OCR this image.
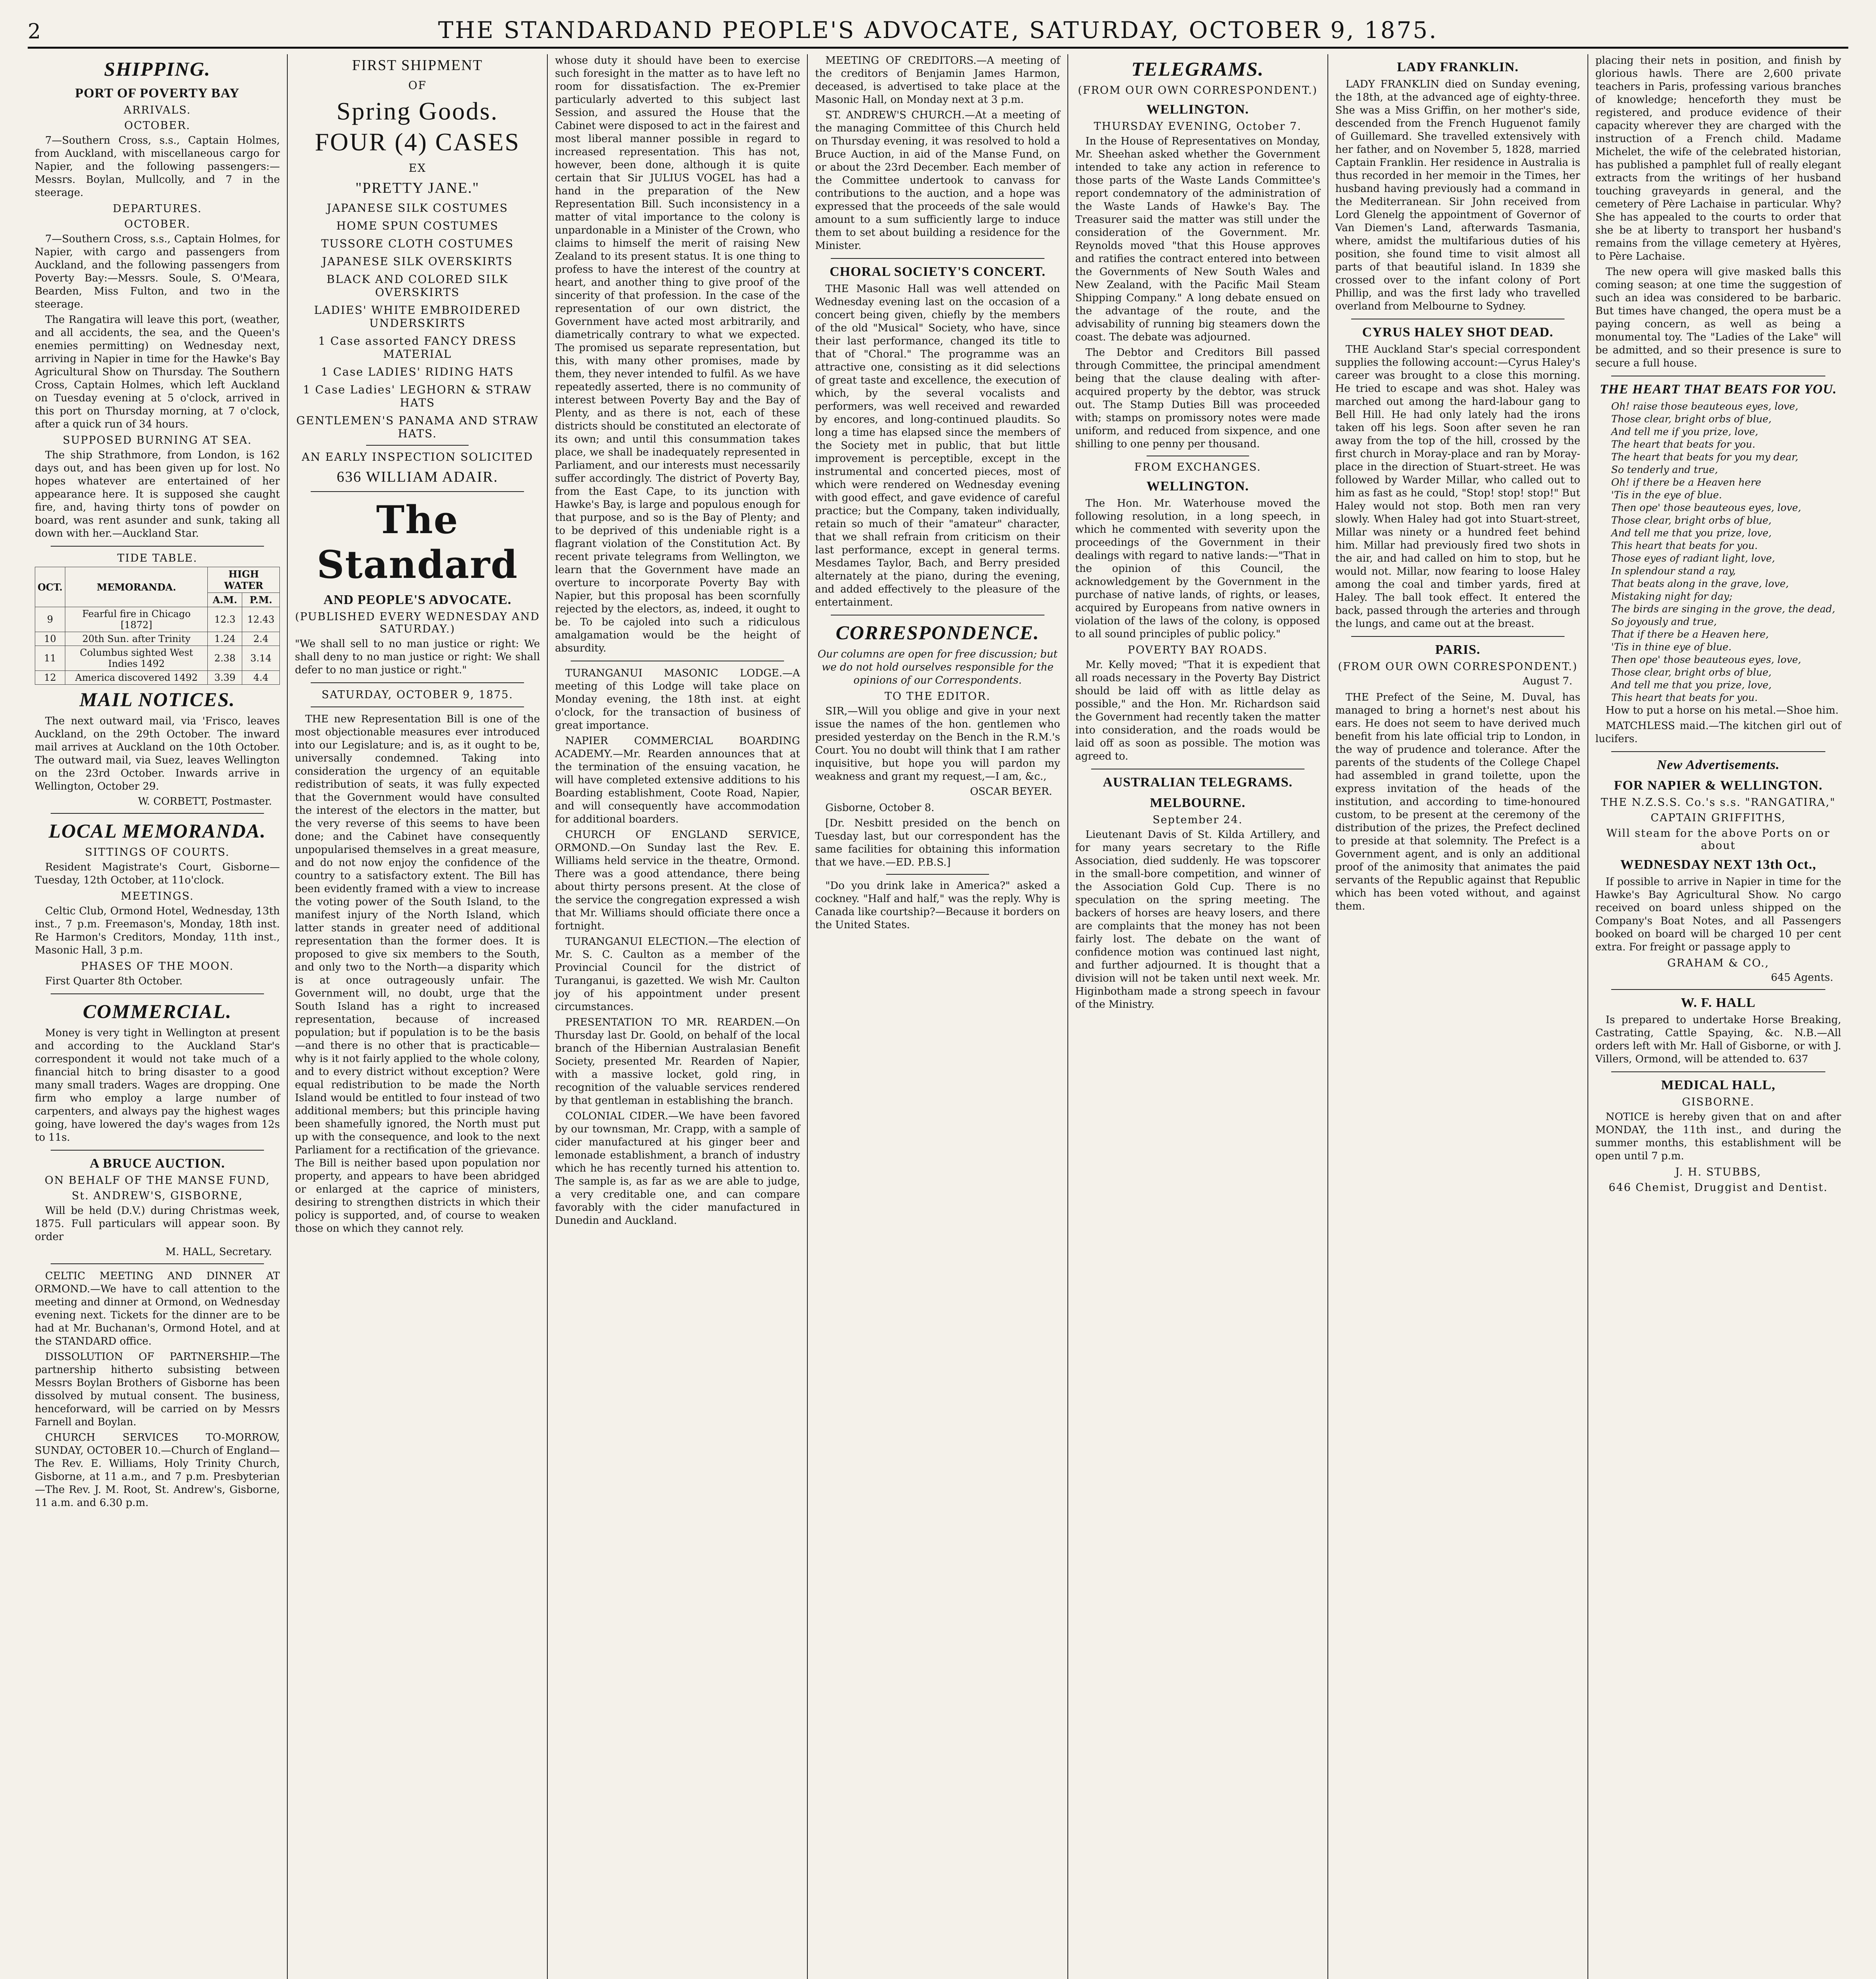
2	THE STANDARDAND PEOPLE'S ADVOCATE, SATURDAY, OCTOBER 9, 1875.
SHIPPING.
PORT OF POVERTY BAY
ARRIVALS.
OCTOBER.

7—Southern Cross, s.s., Captain Holmes, from Auckland, with miscellaneous cargo for Napier, and the following passengers:—Messrs. Boylan, Mullcolly, and 7 in the steerage.

DEPARTURES.
OCTOBER.

7—Southern Cross, s.s., Captain Holmes, for Napier, with cargo and passengers from Auckland, and the following passengers from Poverty Bay:—Messrs. Soule, S. O'Meara, Bearden, Miss Fulton, and two in the steerage.

The Rangatira will leave this port, (weather, and all accidents, the sea, and the Queen's enemies permitting) on Wednesday next, arriving in Napier in time for the Hawke's Bay Agricultural Show on Thursday. The Southern Cross, Captain Holmes, which left Auckland on Tuesday evening at 5 o'clock, arrived in this port on Thursday morning, at 7 o'clock, after a quick run of 34 hours.

SUPPOSED BURNING AT SEA.

The ship Strathmore, from London, is 162 days out, and has been given up for lost. No hopes whatever are entertained of her appearance here. It is supposed she caught fire, and, having thirty tons of powder on board, was rent asunder and sunk, taking all down with her.—Auckland Star.

TIDE TABLE.
OCT.	MEMORANDA.	HIGH WATER	
		A.M.	P.M.
9	Fearful fire in Chicago [1872]	12.3	12.43
10	20th Sun. after Trinity	1.24	2.4
11	Columbus sighted West Indies 1492	2.38	3.14
12	America discovered 1492	3.39	4.4
MAIL NOTICES.

The next outward mail, via 'Frisco, leaves Auckland, on the 29th October. The inward mail arrives at Auckland on the 10th October. The outward mail, via Suez, leaves Wellington on the 23rd October. Inwards arrive in Wellington, October 29.

W. CORBETT, Postmaster.
LOCAL MEMORANDA.
SITTINGS OF COURTS.

Resident Magistrate's Court, Gisborne—Tuesday, 12th October, at 11o'clock.

MEETINGS.

Celtic Club, Ormond Hotel, Wednesday, 13th inst., 7 p.m. Freemason's, Monday, 18th inst. Re Harmon's Creditors, Monday, 11th inst., Masonic Hall, 3 p.m.

PHASES OF THE MOON.

First Quarter 8th October.

COMMERCIAL.

Money is very tight in Wellington at present and according to the Auckland Star's correspondent it would not take much of a financial hitch to bring disaster to a good many small traders. Wages are dropping. One firm who employ a large number of carpenters, and always pay the highest wages going, have lowered the day's wages from 12s to 11s.

A BRUCE AUCTION.
ON BEHALF OF THE MANSE FUND,
St. ANDREW'S, GISBORNE,

Will be held (D.V.) during Christmas week, 1875. Full particulars will appear soon. By order

M. HALL, Secretary.

CELTIC MEETING AND DINNER AT ORMOND.—We have to call attention to the meeting and dinner at Ormond, on Wednesday evening next. Tickets for the dinner are to be had at Mr. Buchanan's, Ormond Hotel, and at the STANDARD office.

DISSOLUTION OF PARTNERSHIP.—The partnership hitherto subsisting between Messrs Boylan Brothers of Gisborne has been dissolved by mutual consent. The business, henceforward, will be carried on by Messrs Farnell and Boylan.

CHURCH SERVICES TO-MORROW, SUNDAY, OCTOBER 10.—Church of England—The Rev. E. Williams, Holy Trinity Church, Gisborne, at 11 a.m., and 7 p.m. Presbyterian—The Rev. J. M. Root, St. Andrew's, Gisborne, 11 a.m. and 6.30 p.m.

FIRST SHIPMENT
OF
Spring Goods.
FOUR (4) CASES
EX
"PRETTY JANE."
JAPANESE SILK COSTUMES
HOME SPUN COSTUMES
TUSSORE CLOTH COSTUMES
JAPANESE SILK OVERSKIRTS
BLACK AND COLORED SILK OVERSKIRTS
LADIES' WHITE EMBROIDERED UNDERSKIRTS
1 Case assorted FANCY DRESS MATERIAL
1 Case LADIES' RIDING HATS
1 Case Ladies' LEGHORN & STRAW HATS
GENTLEMEN'S PANAMA AND STRAW HATS.
AN EARLY INSPECTION SOLICITED
636 WILLIAM ADAIR.
The Standard
AND PEOPLE'S ADVOCATE.
(PUBLISHED EVERY WEDNESDAY AND SATURDAY.)

"We shall sell to no man justice or right: We shall deny to no man justice or right: We shall defer to no man justice or right."

SATURDAY, OCTOBER 9, 1875.

THE new Representation Bill is one of the most objectionable measures ever introduced into our Legislature; and is, as it ought to be, universally condemned. Taking into consideration the urgency of an equitable redistribution of seats, it was fully expected that the Government would have consulted the interest of the electors in the matter, but the very reverse of this seems to have been done; and the Cabinet have consequently unpopularised themselves in a great measure, and do not now enjoy the confidence of the country to a satisfactory extent. The Bill has been evidently framed with a view to increase the voting power of the South Island, to the manifest injury of the North Island, which latter stands in greater need of additional representation than the former does. It is proposed to give six members to the South, and only two to the North—a disparity which is at once outrageously unfair. The Government will, no doubt, urge that the South Island has a right to increased representation, because of increased population; but if population is to be the basis—and there is no other that is practicable—why is it not fairly applied to the whole colony, and to every district without exception? Were equal redistribution to be made the North Island would be entitled to four instead of two additional members; but this principle having been shamefully ignored, the North must put up with the consequence, and look to the next Parliament for a rectification of the grievance. The Bill is neither based upon population nor property, and appears to have been abridged or enlarged at the caprice of ministers, desiring to strengthen districts in which their policy is supported, and, of course to weaken those on which they cannot rely.

whose duty it should have been to exercise such foresight in the matter as to have left no room for dissatisfaction. The ex-Premier particularly adverted to this subject last Session, and assured the House that the Cabinet were disposed to act in the fairest and most liberal manner possible in regard to increased representation. This has not, however, been done, although it is quite certain that Sir JULIUS VOGEL has had a hand in the preparation of the New Representation Bill. Such inconsistency in a matter of vital importance to the colony is unpardonable in a Minister of the Crown, who claims to himself the merit of raising New Zealand to its present status. It is one thing to profess to have the interest of the country at heart, and another thing to give proof of the sincerity of that profession. In the case of the representation of our own district, the Government have acted most arbitrarily, and diametrically contrary to what we expected. The promised us separate representation, but this, with many other promises, made by them, they never intended to fulfil. As we have repeatedly asserted, there is no community of interest between Poverty Bay and the Bay of Plenty, and as there is not, each of these districts should be constituted an electorate of its own; and until this consummation takes place, we shall be inadequately represented in Parliament, and our interests must necessarily suffer accordingly. The district of Poverty Bay, from the East Cape, to its junction with Hawke's Bay, is large and populous enough for that purpose, and so is the Bay of Plenty; and to be deprived of this undeniable right is a flagrant violation of the Constitution Act. By recent private telegrams from Wellington, we learn that the Government have made an overture to incorporate Poverty Bay with Napier, but this proposal has been scornfully rejected by the electors, as, indeed, it ought to be. To be cajoled into such a ridiculous amalgamation would be the height of absurdity.

TURANGANUI MASONIC LODGE.—A meeting of this Lodge will take place on Monday evening, the 18th inst. at eight o'clock, for the transaction of business of great importance.

NAPIER COMMERCIAL BOARDING ACADEMY.—Mr. Rearden announces that at the termination of the ensuing vacation, he will have completed extensive additions to his Boarding establishment, Coote Road, Napier, and will consequently have accommodation for additional boarders.

CHURCH OF ENGLAND SERVICE, ORMOND.—On Sunday last the Rev. E. Williams held service in the theatre, Ormond. There was a good attendance, there being about thirty persons present. At the close of the service the congregation expressed a wish that Mr. Williams should officiate there once a fortnight.

TURANGANUI ELECTION.—The election of Mr. S. C. Caulton as a member of the Provincial Council for the district of Turanganui, is gazetted. We wish Mr. Caulton joy of his appointment under present circumstances.

PRESENTATION TO MR. REARDEN.—On Thursday last Dr. Goold, on behalf of the local branch of the Hibernian Australasian Benefit Society, presented Mr. Rearden of Napier, with a massive locket, gold ring, in recognition of the valuable services rendered by that gentleman in establishing the branch.

COLONIAL CIDER.—We have been favored by our townsman, Mr. Crapp, with a sample of cider manufactured at his ginger beer and lemonade establishment, a branch of industry which he has recently turned his attention to. The sample is, as far as we are able to judge, a very creditable one, and can compare favorably with the cider manufactured in Dunedin and Auckland.

MEETING OF CREDITORS.—A meeting of the creditors of Benjamin James Harmon, deceased, is advertised to take place at the Masonic Hall, on Monday next at 3 p.m.

ST. ANDREW'S CHURCH.—At a meeting of the managing Committee of this Church held on Thursday evening, it was resolved to hold a Bruce Auction, in aid of the Manse Fund, on or about the 23rd December. Each member of the Committee undertook to canvass for contributions to the auction, and a hope was expressed that the proceeds of the sale would amount to a sum sufficiently large to induce them to set about building a residence for the Minister.

CHORAL SOCIETY'S CONCERT.

THE Masonic Hall was well attended on Wednesday evening last on the occasion of a concert being given, chiefly by the members of the old "Musical" Society, who have, since their last performance, changed its title to that of "Choral." The programme was an attractive one, consisting as it did selections of great taste and excellence, the execution of which, by the several vocalists and performers, was well received and rewarded by encores, and long-continued plaudits. So long a time has elapsed since the members of the Society met in public, that but little improvement is perceptible, except in the instrumental and concerted pieces, most of which were rendered on Wednesday evening with good effect, and gave evidence of careful practice; but the Company, taken individually, retain so much of their "amateur" character, that we shall refrain from criticism on their last performance, except in general terms. Mesdames Taylor, Bach, and Berry presided alternately at the piano, during the evening, and added effectively to the pleasure of the entertainment.

CORRESPONDENCE.

Our columns are open for free discussion; but we do not hold ourselves responsible for the opinions of our Correspondents.

TO THE EDITOR.

SIR,—Will you oblige and give in your next issue the names of the hon. gentlemen who presided yesterday on the Bench in the R.M.'s Court. You no doubt will think that I am rather inquisitive, but hope you will pardon my weakness and grant my request,—I am, &c.,

OSCAR BEYER.

Gisborne, October 8.

[Dr. Nesbitt presided on the bench on Tuesday last, but our correspondent has the same facilities for obtaining this information that we have.—ED. P.B.S.]

"Do you drink lake in America?" asked a cockney. "Half and half," was the reply. Why is Canada like courtship?—Because it borders on the United States.

TELEGRAMS.
(FROM OUR OWN CORRESPONDENT.)
WELLINGTON.
THURSDAY EVENING, October 7.

In the House of Representatives on Monday, Mr. Sheehan asked whether the Government intended to take any action in reference to those parts of the Waste Lands Committee's report condemnatory of the administration of the Waste Lands of Hawke's Bay. The Treasurer said the matter was still under the consideration of the Government. Mr. Reynolds moved "that this House approves and ratifies the contract entered into between the Governments of New South Wales and New Zealand, with the Pacific Mail Steam Shipping Company." A long debate ensued on the advantage of the route, and the advisability of running big steamers down the coast. The debate was adjourned.

The Debtor and Creditors Bill passed through Committee, the principal amendment being that the clause dealing with after-acquired property by the debtor, was struck out. The Stamp Duties Bill was proceeded with; stamps on promissory notes were made uniform, and reduced from sixpence, and one shilling to one penny per thousand.

FROM EXCHANGES.
WELLINGTON.

The Hon. Mr. Waterhouse moved the following resolution, in a long speech, in which he commented with severity upon the proceedings of the Government in their dealings with regard to native lands:—"That in the opinion of this Council, the acknowledgement by the Government in the purchase of native lands, of rights, or leases, acquired by Europeans from native owners in violation of the laws of the colony, is opposed to all sound principles of public policy."

POVERTY BAY ROADS.

Mr. Kelly moved; "That it is expedient that all roads necessary in the Poverty Bay District should be laid off with as little delay as possible," and the Hon. Mr. Richardson said the Government had recently taken the matter into consideration, and the roads would be laid off as soon as possible. The motion was agreed to.

AUSTRALIAN TELEGRAMS.
MELBOURNE.
September 24.

Lieutenant Davis of St. Kilda Artillery, and for many years secretary to the Rifle Association, died suddenly. He was topscorer in the small-bore competition, and winner of the Association Gold Cup. There is no speculation on the spring meeting. The backers of horses are heavy losers, and there are complaints that the money has not been fairly lost. The debate on the want of confidence motion was continued last night, and further adjourned. It is thought that a division will not be taken until next week. Mr. Higinbotham made a strong speech in favour of the Ministry.

LADY FRANKLIN.

LADY FRANKLIN died on Sunday evening, the 18th, at the advanced age of eighty-three. She was a Miss Griffin, on her mother's side, descended from the French Huguenot family of Guillemard. She travelled extensively with her father, and on November 5, 1828, married Captain Franklin. Her residence in Australia is thus recorded in her memoir in the Times, her husband having previously had a command in the Mediterranean. Sir John received from Lord Glenelg the appointment of Governor of Van Diemen's Land, afterwards Tasmania, where, amidst the multifarious duties of his position, she found time to visit almost all parts of that beautiful island. In 1839 she crossed over to the infant colony of Port Phillip, and was the first lady who travelled overland from Melbourne to Sydney.

CYRUS HALEY SHOT DEAD.

THE Auckland Star's special correspondent supplies the following account:—Cyrus Haley's career was brought to a close this morning. He tried to escape and was shot. Haley was marched out among the hard-labour gang to Bell Hill. He had only lately had the irons taken off his legs. Soon after seven he ran away from the top of the hill, crossed by the first church in Moray-place and ran by Moray-place in the direction of Stuart-street. He was followed by Warder Millar, who called out to him as fast as he could, "Stop! stop! stop!" But Haley would not stop. Both men ran very slowly. When Haley had got into Stuart-street, Millar was ninety or a hundred feet behind him. Millar had previously fired two shots in the air, and had called on him to stop, but he would not. Millar, now fearing to loose Haley among the coal and timber yards, fired at Haley. The ball took effect. It entered the back, passed through the arteries and through the lungs, and came out at the breast.

PARIS.
(FROM OUR OWN CORRESPONDENT.)
August 7.

THE Prefect of the Seine, M. Duval, has managed to bring a hornet's nest about his ears. He does not seem to have derived much benefit from his late official trip to London, in the way of prudence and tolerance. After the parents of the students of the College Chapel had assembled in grand toilette, upon the express invitation of the heads of the institution, and according to time-honoured custom, to be present at the ceremony of the distribution of the prizes, the Prefect declined to preside at that solemnity. The Prefect is a Government agent, and is only an additional proof of the animosity that animates the paid servants of the Republic against that Republic which has been voted without, and against them.

placing their nets in position, and finish by glorious hawls. There are 2,600 private teachers in Paris, professing various branches of knowledge; henceforth they must be registered, and produce evidence of their capacity wherever they are charged with the instruction of a French child. Madame Michelet, the wife of the celebrated historian, has published a pamphlet full of really elegant extracts from the writings of her husband touching graveyards in general, and the cemetery of Père Lachaise in particular. Why? She has appealed to the courts to order that she be at liberty to transport her husband's remains from the village cemetery at Hyères, to Père Lachaise.

The new opera will give masked balls this coming season; at one time the suggestion of such an idea was considered to be barbaric. But times have changed, the opera must be a paying concern, as well as being a monumental toy. The "Ladies of the Lake" will be admitted, and so their presence is sure to secure a full house.

THE HEART THAT BEATS FOR YOU.
Oh! raise those beauteous eyes, love,
Those clear, bright orbs of blue,
And tell me if you prize, love,
The heart that beats for you.
The heart that beats for you my dear,
So tenderly and true,
Oh! if there be a Heaven here
'Tis in the eye of blue.
Then ope' those beauteous eyes, love,
Those clear, bright orbs of blue,
And tell me that you prize, love,
This heart that beats for you.
Those eyes of radiant light, love,
In splendour stand a ray,
That beats along in the grave, love,
Mistaking night for day;
The birds are singing in the grove, the dead,
So joyously and true,
That if there be a Heaven here,
'Tis in thine eye of blue.
Then ope' those beauteous eyes, love,
Those clear, bright orbs of blue,
And tell me that you prize, love,
This heart that beats for you.

How to put a horse on his metal.—Shoe him.

MATCHLESS maid.—The kitchen girl out of lucifers.

New Advertisements.
FOR NAPIER & WELLINGTON.
THE N.Z.S.S. Co.'s s.s. "RANGATIRA,"
CAPTAIN GRIFFITHS,
Will steam for the above Ports on or about
WEDNESDAY NEXT 13th Oct.,

If possible to arrive in Napier in time for the Hawke's Bay Agricultural Show. No cargo received on board unless shipped on the Company's Boat Notes, and all Passengers booked on board will be charged 10 per cent extra. For freight or passage apply to

GRAHAM & CO.,
645 Agents.
W. F. HALL

Is prepared to undertake Horse Breaking, Castrating, Cattle Spaying, &c. N.B.—All orders left with Mr. Hall of Gisborne, or with J. Villers, Ormond, will be attended to. 637

MEDICAL HALL,
GISBORNE.

NOTICE is hereby given that on and after MONDAY, the 11th inst., and during the summer months, this establishment will be open until 7 p.m.

J. H. STUBBS,
646 Chemist, Druggist and Dentist.
